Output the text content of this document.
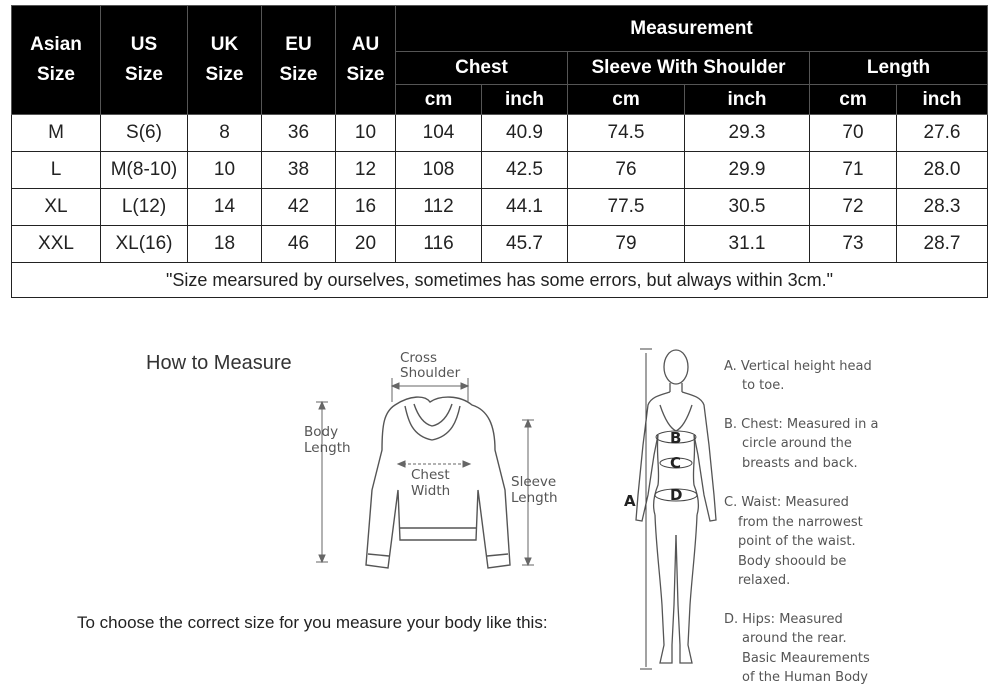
Asian
Size	US
Size	UK
Size	EU
Size	AU
Size	Measurement					
					Chest		Sleeve With Shoulder		Length	
					cm	inch	cm	inch	cm	inch
M	S(6)	8	36	10	104	40.9	74.5	29.3	70	27.6
L	M(8-10)	10	38	12	108	42.5	76	29.9	71	28.0
XL	L(12)	14	42	16	112	44.1	77.5	30.5	72	28.3
XXL	XL(16)	18	46	20	116	45.7	79	31.1	73	28.7
"Size mearsured by ourselves, sometimes has some errors, but always within 3cm."										
How to Measure
To choose the correct size for you measure your body like this:
Cross
Shoulder
Body
Length
Chest
Width
Sleeve
Length	A
B
C
D
A. Vertical height head
to toe.
B. Chest: Measured in a
circle around the
breasts and back.
C. Waist: Measured
from the narrowest
point of the waist.
Body shoould be
relaxed.
D. Hips: Measured
around the rear.
Basic Meaurements
of the Human Body
